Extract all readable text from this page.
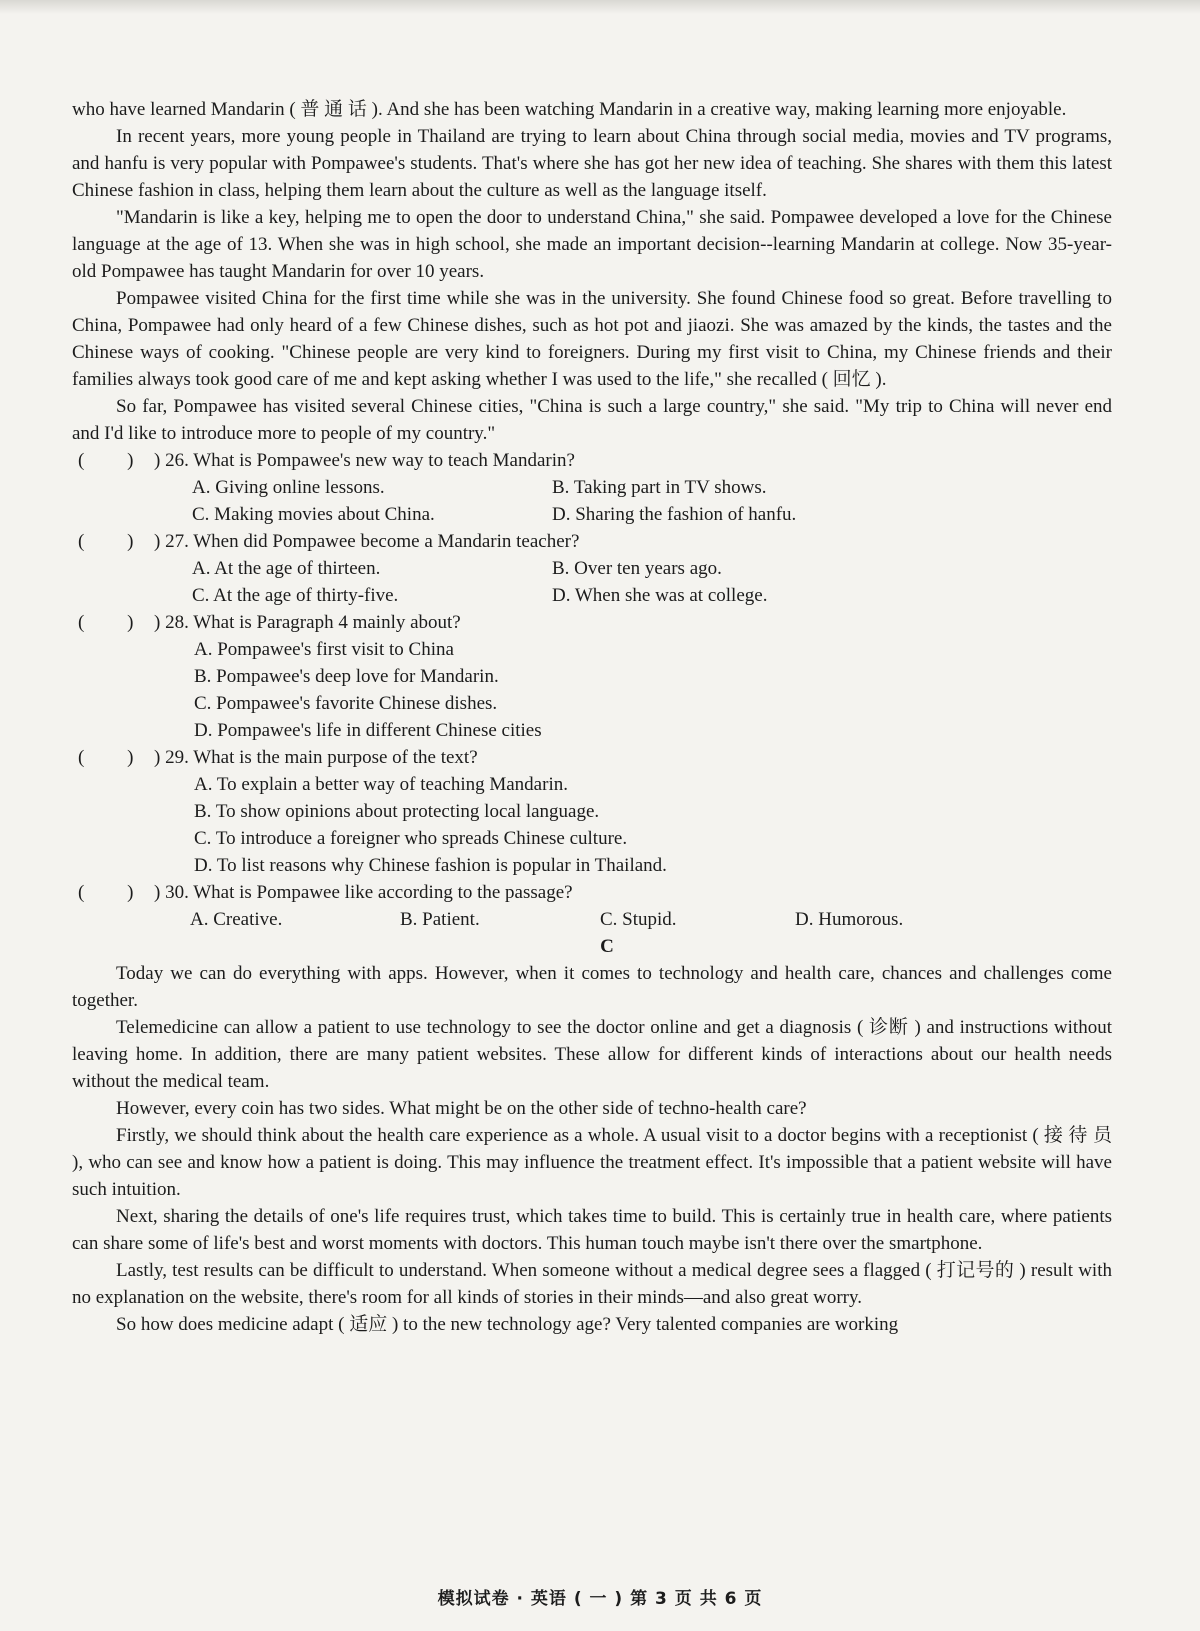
who have learned Mandarin ( 普 通 话 ). And she has been watching Mandarin in a creative way, making learning more enjoyable.

In recent years, more young people in Thailand are trying to learn about China through social media, movies and TV programs, and hanfu is very popular with Pompawee's students. That's where she has got her new idea of teaching. She shares with them this latest Chinese fashion in class, helping them learn about the culture as well as the language itself.

"Mandarin is like a key, helping me to open the door to understand China," she said. Pompawee developed a love for the Chinese language at the age of 13. When she was in high school, she made an important decision--learning Mandarin at college. Now 35-year-old Pompawee has taught Mandarin for over 10 years.

Pompawee visited China for the first time while she was in the university. She found Chinese food so great. Before travelling to China, Pompawee had only heard of a few Chinese dishes, such as hot pot and jiaozi. She was amazed by the kinds, the tastes and the Chinese ways of cooking. "Chinese people are very kind to foreigners. During my first visit to China, my Chinese friends and their families always took good care of me and kept asking whether I was used to the life," she recalled ( 回忆 ).

So far, Pompawee has visited several Chinese cities, "China is such a large country," she said. "My trip to China will never end and I'd like to introduce more to people of my country."

( )
) 26. What is Pompawee's new way to teach Mandarin?

A. Giving online lessons.	B. Taking part in TV shows.

C. Making movies about China.	D. Sharing the fashion of hanfu.

( )
) 27. When did Pompawee become a Mandarin teacher?

A. At the age of thirteen.	B. Over ten years ago.

C. At the age of thirty-five.	D. When she was at college.

( )
) 28. What is Paragraph 4 mainly about?

A. Pompawee's first visit to China

B. Pompawee's deep love for Mandarin.

C. Pompawee's favorite Chinese dishes.

D. Pompawee's life in different Chinese cities

( )
) 29. What is the main purpose of the text?

A. To explain a better way of teaching Mandarin.

B. To show opinions about protecting local language.

C. To introduce a foreigner who spreads Chinese culture.

D. To list reasons why Chinese fashion is popular in Thailand.

( )
) 30. What is Pompawee like according to the passage?

A. Creative.	B. Patient.	C. Stupid.	D. Humorous.

C

Today we can do everything with apps. However, when it comes to technology and health care, chances and challenges come together.

Telemedicine can allow a patient to use technology to see the doctor online and get a diagnosis ( 诊断 ) and instructions without leaving home. In addition, there are many patient websites. These allow for different kinds of interactions about our health needs without the medical team.

However, every coin has two sides. What might be on the other side of techno-health care?

Firstly, we should think about the health care experience as a whole. A usual visit to a doctor begins with a receptionist ( 接 待 员 ), who can see and know how a patient is doing. This may influence the treatment effect. It's impossible that a patient website will have such intuition.

Next, sharing the details of one's life requires trust, which takes time to build. This is certainly true in health care, where patients can share some of life's best and worst moments with doctors. This human touch maybe isn't there over the smartphone.

Lastly, test results can be difficult to understand. When someone without a medical degree sees a flagged ( 打记号的 ) result with no explanation on the website, there's room for all kinds of stories in their minds—and also great worry.

So how does medicine adapt ( 适应 ) to the new technology age? Very talented companies are working

模拟试卷 · 英语 ( 一 ) 第 3 页 共 6 页
